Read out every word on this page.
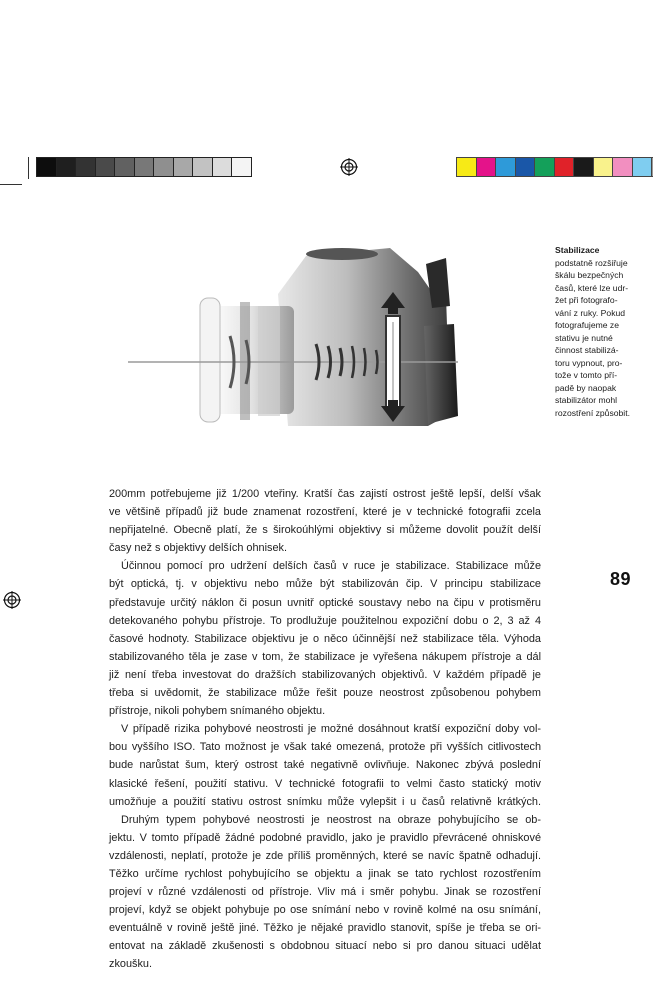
Stabilizace
podstatně rozšiřuje
škálu bezpečných
časů, které lze udr-
žet při fotografo-
vání z ruky. Pokud
fotografujeme ze
stativu je nutné
činnost stabilizá-
toru vypnout, pro-
tože v tomto pří-
padě by naopak
stabilizátor mohl
rozostření způsobit.
89
200mm potřebujeme již 1/200 vteřiny. Kratší čas zajistí ostrost ještě lepší, delší však
ve většině případů již bude znamenat rozostření, které je v technické fotografii zcela
nepřijatelné. Obecně platí, že s širokoúhlými objektivy si můžeme dovolit použít delší
časy než s objektivy delších ohnisek.
Účinnou pomocí pro udržení delších časů v ruce je stabilizace. Stabilizace může
být optická, tj. v objektivu nebo může být stabilizován čip. V principu stabilizace
představuje určitý náklon či posun uvnitř optické soustavy nebo na čipu v protisměru
detekovaného pohybu přístroje. To prodlužuje použitelnou expoziční dobu o 2, 3 až 4
časové hodnoty. Stabilizace objektivu je o něco účinnější než stabilizace těla. Výhoda
stabilizovaného těla je zase v tom, že stabilizace je vyřešena nákupem přístroje a dál
již není třeba investovat do dražších stabilizovaných objektivů. V každém případě je
třeba si uvědomit, že stabilizace může řešit pouze neostrost způsobenou pohybem
přístroje, nikoli pohybem snímaného objektu.
V případě rizika pohybové neostrosti je možné dosáhnout kratší expoziční doby vol-
bou vyššího ISO. Tato možnost je však také omezená, protože při vyšších citlivostech
bude narůstat šum, který ostrost také negativně ovlivňuje. Nakonec zbývá poslední
klasické řešení, použití stativu. V technické fotografii to velmi často statický motiv
umožňuje a použití stativu ostrost snímku může vylepšit i u časů relativně krátkých.
Druhým typem pohybové neostrosti je neostrost na obraze pohybujícího se ob-
jektu. V tomto případě žádné podobné pravidlo, jako je pravidlo převrácené ohniskové
vzdálenosti, neplatí, protože je zde příliš proměnných, které se navíc špatně odhadují.
Těžko určíme rychlost pohybujícího se objektu a jinak se tato rychlost rozostřením
projeví v různé vzdálenosti od přístroje. Vliv má i směr pohybu. Jinak se rozostření
projeví, když se objekt pohybuje po ose snímání nebo v rovině kolmé na osu snímání,
eventuálně v rovině ještě jiné. Těžko je nějaké pravidlo stanovit, spíše je třeba se ori-
entovat na základě zkušenosti s obdobnou situací nebo si pro danou situaci udělat
zkoušku.
